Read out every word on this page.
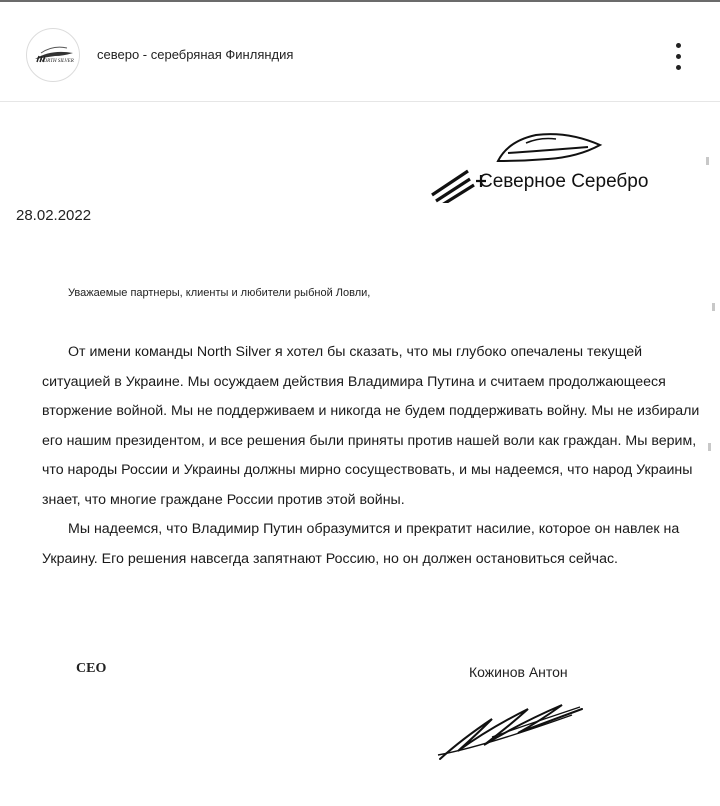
NORTH SILVER северо - серебряная Финляндия
Северное Серебро
28.02.2022
Уважаемые партнеры, клиенты и любители рыбной Ловли,

От имени команды North Silver я хотел бы сказать, что мы глубоко опечалены текущей
ситуацией в Украине. Мы осуждаем действия Владимира Путина и считаем продолжающееся
вторжение войной. Мы не поддерживаем и никогда не будем поддерживать войну. Мы не избирали
его нашим президентом, и все решения были приняты против нашей воли как граждан. Мы верим,
что народы России и Украины должны мирно сосуществовать, и мы надеемся, что народ Украины
знает, что многие граждане России против этой войны.

Мы надеемся, что Владимир Путин образумится и прекратит насилие, которое он навлек на
Украину. Его решения навсегда запятнают Россию, но он должен остановиться сейчас.

CEO	Кожинов Антон
